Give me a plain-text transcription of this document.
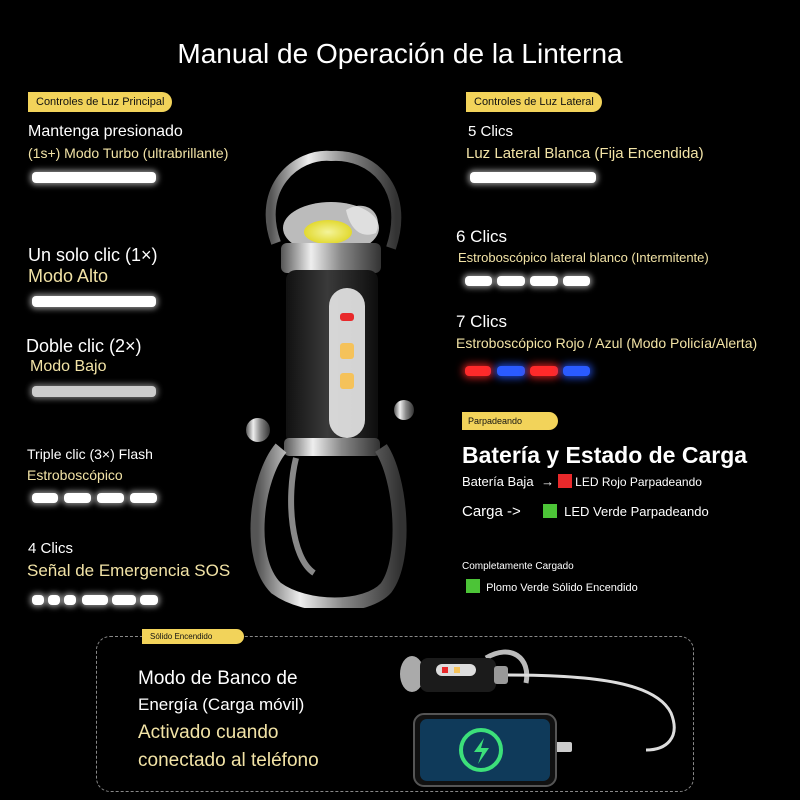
Manual de Operación de la Linterna
Controles de Luz Principal
Mantenga presionado
(1s+) Modo Turbo (ultrabrillante)
Un solo clic (1×)
Modo Alto
Doble clic (2×)
Modo Bajo
Triple clic (3×) Flash
Estroboscópico
4 Clics
Señal de Emergencia SOS
Controles de Luz Lateral
5 Clics
Luz Lateral Blanca (Fija Encendida)
6 Clics
Estroboscópico lateral blanco (Intermitente)
7 Clics
Estroboscópico Rojo / Azul (Modo Policía/Alerta)
Parpadeando
Batería y Estado de Carga
Batería Baja → LED Rojo Parpadeando
Carga ->	LED Verde Parpadeando
Completamente Cargado
Plomo Verde Sólido Encendido
Sólido Encendido
Modo de Banco de
Energía (Carga móvil)
Activado cuando
conectado al teléfono
